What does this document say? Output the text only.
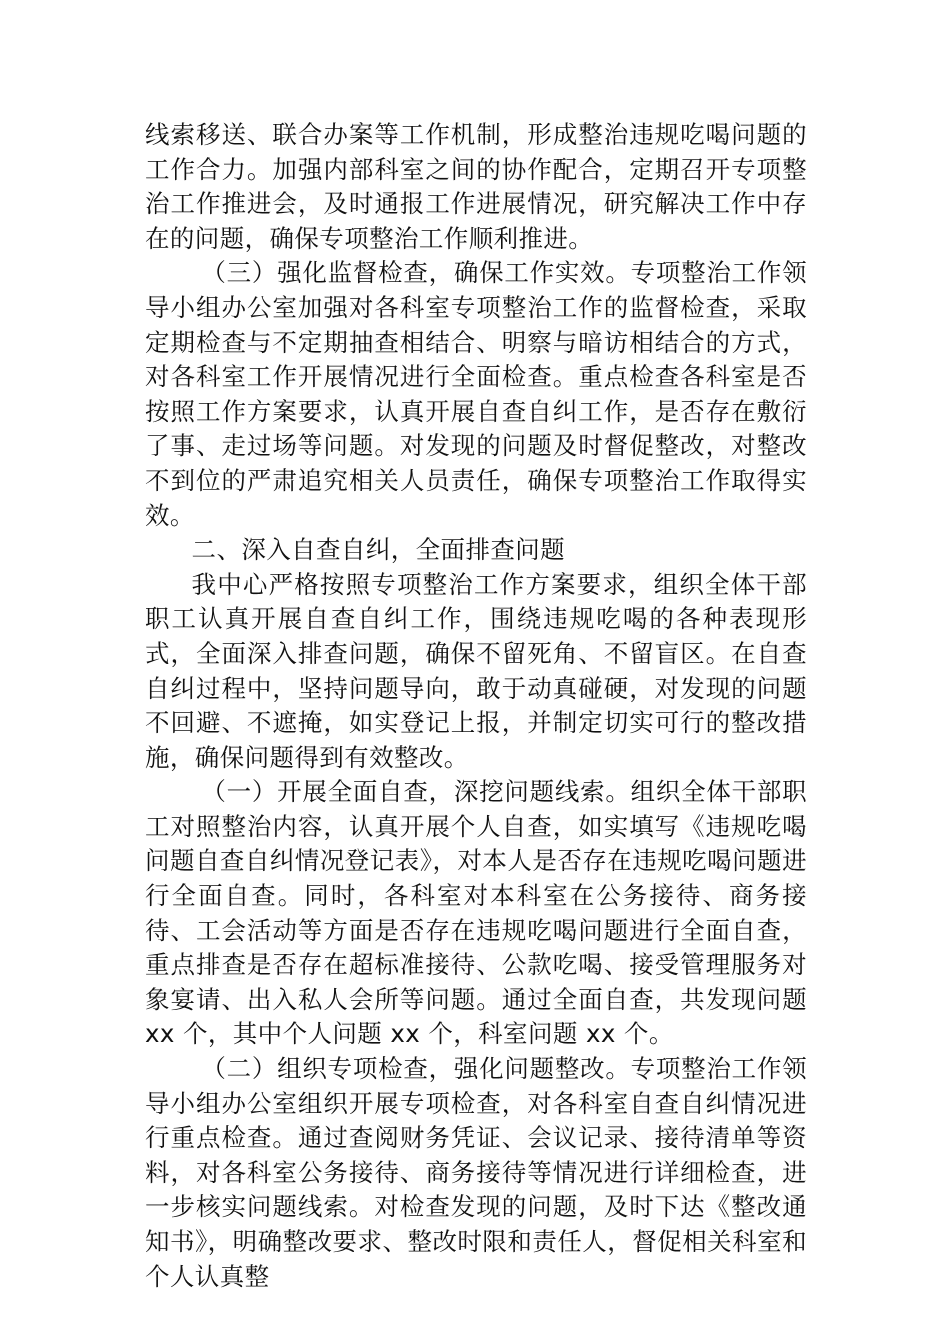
线索移送、联合办案等工作机制，形成整治违规吃喝问题的工作合力。加强内部科室之间的协作配合，定期召开专项整治工作推进会，及时通报工作进展情况，研究解决工作中存在的问题，确保专项整治工作顺利推进。

（三）强化监督检查，确保工作实效。专项整治工作领导小组办公室加强对各科室专项整治工作的监督检查，采取定期检查与不定期抽查相结合、明察与暗访相结合的方式，对各科室工作开展情况进行全面检查。重点检查各科室是否按照工作方案要求，认真开展自查自纠工作，是否存在敷衍了事、走过场等问题。对发现的问题及时督促整改，对整改不到位的严肃追究相关人员责任，确保专项整治工作取得实效。

二、深入自查自纠，全面排查问题

我中心严格按照专项整治工作方案要求，组织全体干部职工认真开展自查自纠工作，围绕违规吃喝的各种表现形式，全面深入排查问题，确保不留死角、不留盲区。在自查自纠过程中，坚持问题导向，敢于动真碰硬，对发现的问题不回避、不遮掩，如实登记上报，并制定切实可行的整改措施，确保问题得到有效整改。

（一）开展全面自查，深挖问题线索。组织全体干部职工对照整治内容，认真开展个人自查，如实填写《违规吃喝问题自查自纠情况登记表》，对本人是否存在违规吃喝问题进行全面自查。同时，各科室对本科室在公务接待、商务接待、工会活动等方面是否存在违规吃喝问题进行全面自查，重点排查是否存在超标准接待、公款吃喝、接受管理服务对象宴请、出入私人会所等问题。通过全面自查，共发现问题 xx 个，其中个人问题 xx 个，科室问题 xx 个。

（二）组织专项检查，强化问题整改。专项整治工作领导小组办公室组织开展专项检查，对各科室自查自纠情况进行重点检查。通过查阅财务凭证、会议记录、接待清单等资料，对各科室公务接待、商务接待等情况进行详细检查，进一步核实问题线索。对检查发现的问题，及时下达《整改通知书》，明确整改要求、整改时限和责任人，督促相关科室和个人认真整
